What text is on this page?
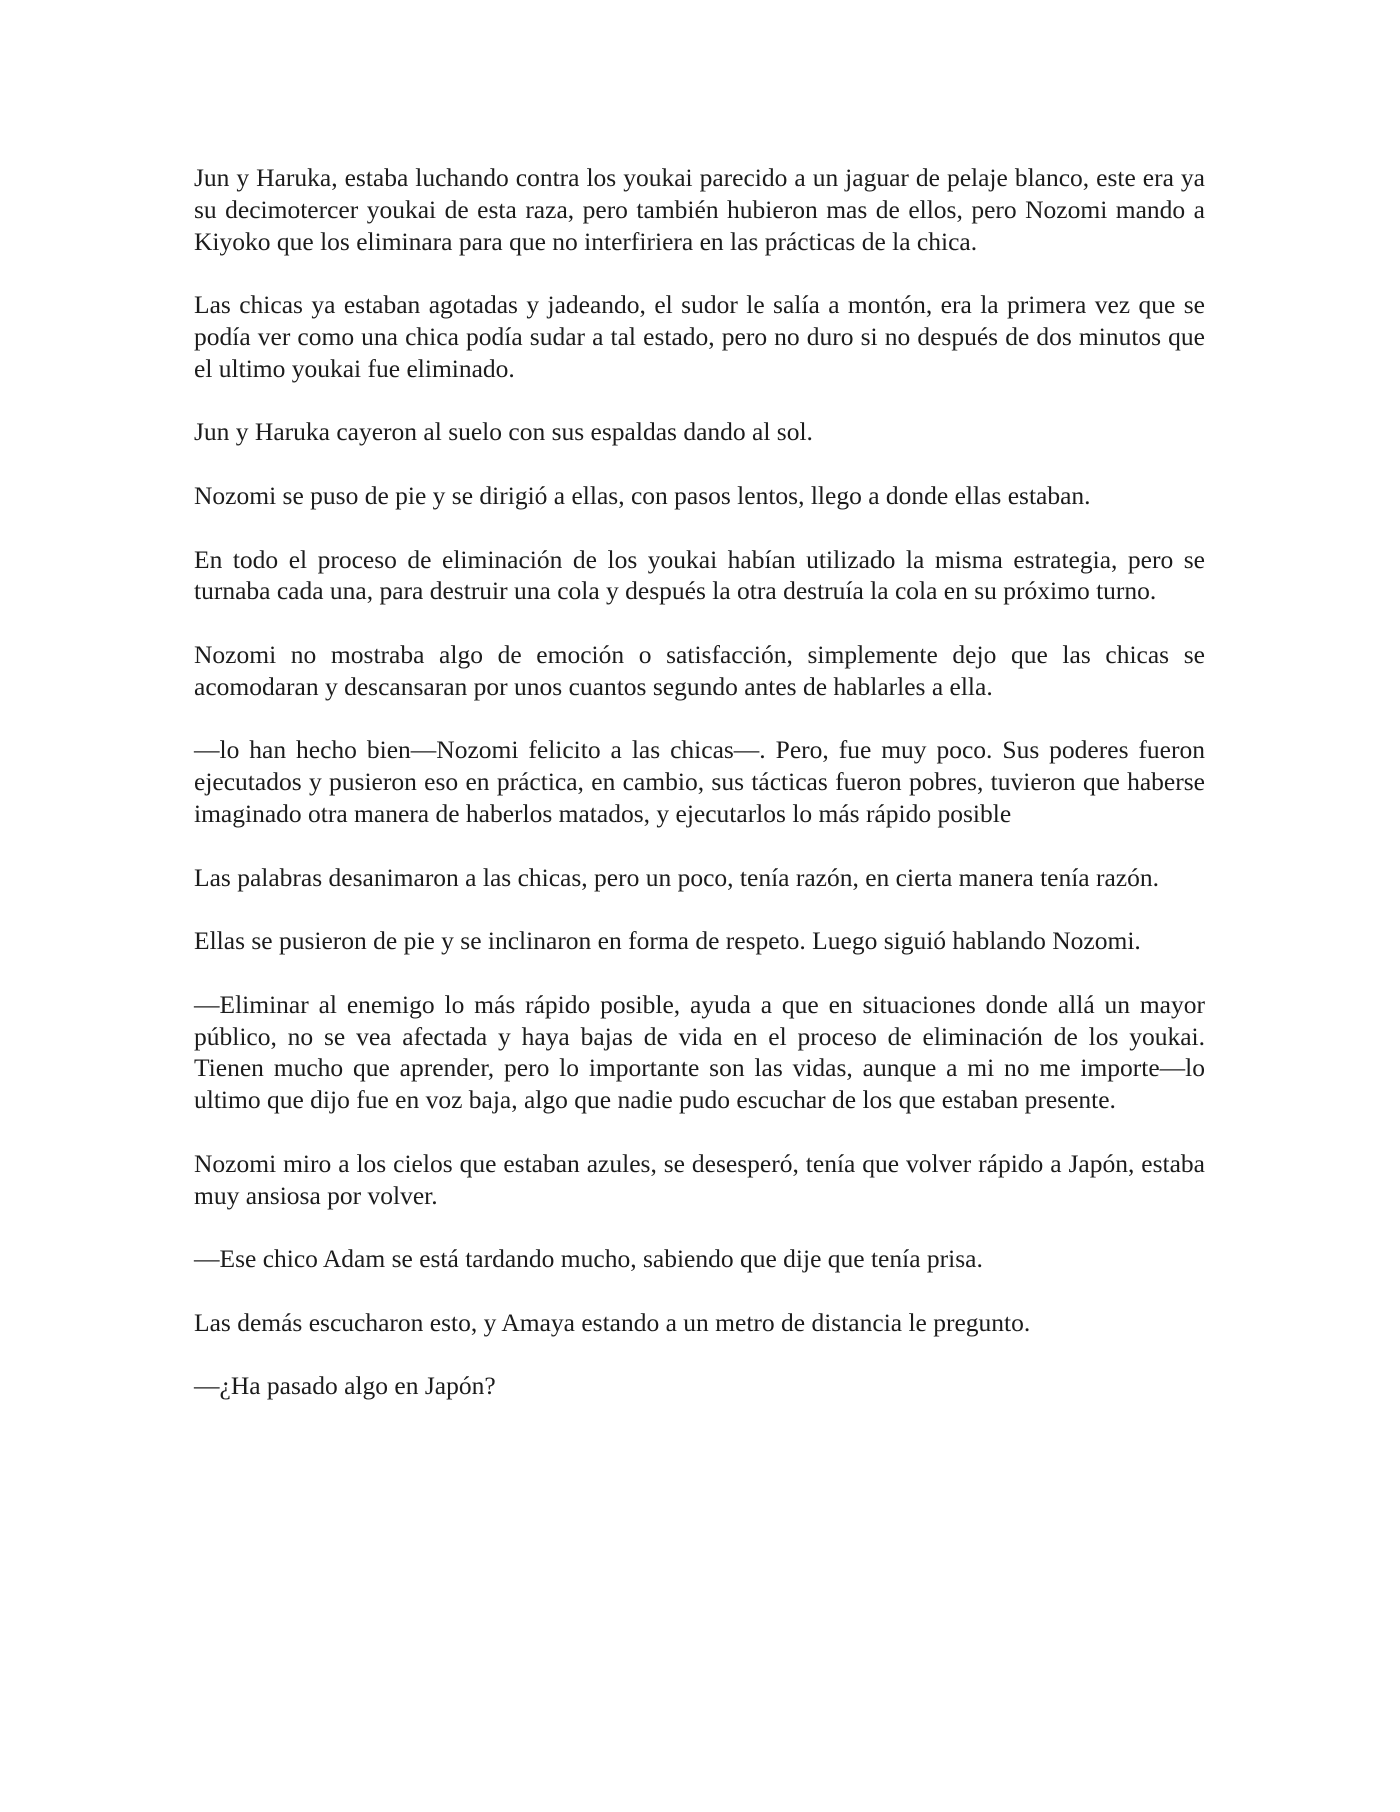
Jun y Haruka, estaba luchando contra los youkai parecido a un jaguar de pelaje blanco, este era ya su decimotercer youkai de esta raza, pero también hubieron mas de ellos, pero Nozomi mando a Kiyoko que los eliminara para que no interfiriera en las prácticas de la chica.

Las chicas ya estaban agotadas y jadeando, el sudor le salía a montón, era la primera vez que se podía ver como una chica podía sudar a tal estado, pero no duro si no después de dos minutos que el ultimo youkai fue eliminado.

Jun y Haruka cayeron al suelo con sus espaldas dando al sol.

Nozomi se puso de pie y se dirigió a ellas, con pasos lentos, llego a donde ellas estaban.

En todo el proceso de eliminación de los youkai habían utilizado la misma estrategia, pero se turnaba cada una, para destruir una cola y después la otra destruía la cola en su próximo turno.

Nozomi no mostraba algo de emoción o satisfacción, simplemente dejo que las chicas se acomodaran y descansaran por unos cuantos segundo antes de hablarles a ella.

—lo han hecho bien—Nozomi felicito a las chicas—. Pero, fue muy poco. Sus poderes fueron ejecutados y pusieron eso en práctica, en cambio, sus tácticas fueron pobres, tuvieron que haberse imaginado otra manera de haberlos matados, y ejecutarlos lo más rápido posible

Las palabras desanimaron a las chicas, pero un poco, tenía razón, en cierta manera tenía razón.

Ellas se pusieron de pie y se inclinaron en forma de respeto. Luego siguió hablando Nozomi.

—Eliminar al enemigo lo más rápido posible, ayuda a que en situaciones donde allá un mayor público, no se vea afectada y haya bajas de vida en el proceso de eliminación de los youkai. Tienen mucho que aprender, pero lo importante son las vidas, aunque a mi no me importe—lo ultimo que dijo fue en voz baja, algo que nadie pudo escuchar de los que estaban presente.

Nozomi miro a los cielos que estaban azules, se desesperó, tenía que volver rápido a Japón, estaba muy ansiosa por volver.

—Ese chico Adam se está tardando mucho, sabiendo que dije que tenía prisa.

Las demás escucharon esto, y Amaya estando a un metro de distancia le pregunto.

—¿Ha pasado algo en Japón?
